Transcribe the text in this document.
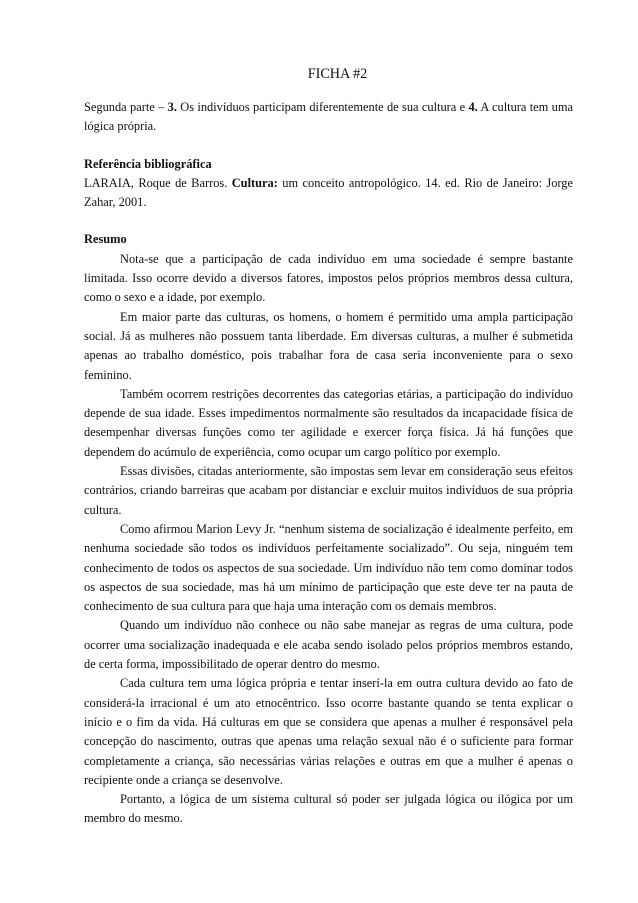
FICHA #2

Segunda parte – 3. Os indivíduos participam diferentemente de sua cultura e 4. A cultura tem uma lógica própria.

Referência bibliográfica

LARAIA, Roque de Barros. Cultura: um conceito antropológico. 14. ed. Rio de Janeiro: Jorge Zahar, 2001.

Resumo

Nota-se que a participação de cada indivíduo em uma sociedade é sempre bastante limitada. Isso ocorre devido a diversos fatores, impostos pelos próprios membros dessa cultura, como o sexo e a idade, por exemplo.

Em maior parte das culturas, os homens, o homem é permitido uma ampla participação social. Já as mulheres não possuem tanta liberdade. Em diversas culturas, a mulher é submetida apenas ao trabalho doméstico, pois trabalhar fora de casa seria inconveniente para o sexo feminino.

Também ocorrem restrições decorrentes das categorias etárias, a participação do indivíduo depende de sua idade. Esses impedimentos normalmente são resultados da incapacidade física de desempenhar diversas funções como ter agilidade e exercer força física. Já há funções que dependem do acúmulo de experiência, como ocupar um cargo político por exemplo.

Essas divisões, citadas anteriormente, são impostas sem levar em consideração seus efeitos contrários, criando barreiras que acabam por distanciar e excluir muitos indivíduos de sua própria cultura.

Como afirmou Marion Levy Jr. “nenhum sistema de socialização é idealmente perfeito, em nenhuma sociedade são todos os indivíduos perfeitamente socializado”. Ou seja, ninguém tem conhecimento de todos os aspectos de sua sociedade. Um indivíduo não tem como dominar todos os aspectos de sua sociedade, mas há um mínimo de participação que este deve ter na pauta de conhecimento de sua cultura para que haja uma interação com os demais membros.

Quando um indivíduo não conhece ou não sabe manejar as regras de uma cultura, pode ocorrer uma socialização inadequada e ele acaba sendo isolado pelos próprios membros estando, de certa forma, impossibilitado de operar dentro do mesmo.

Cada cultura tem uma lógica própria e tentar inserí-la em outra cultura devido ao fato de considerá-la irracional é um ato etnocêntrico. Isso ocorre bastante quando se tenta explicar o início e o fim da vida. Há culturas em que se considera que apenas a mulher é responsável pela concepção do nascimento, outras que apenas uma relação sexual não é o suficiente para formar completamente a criança, são necessárias várias relações e outras em que a mulher é apenas o recipiente onde a criança se desenvolve.

Portanto, a lógica de um sistema cultural só poder ser julgada lógica ou ilógica por um membro do mesmo.
